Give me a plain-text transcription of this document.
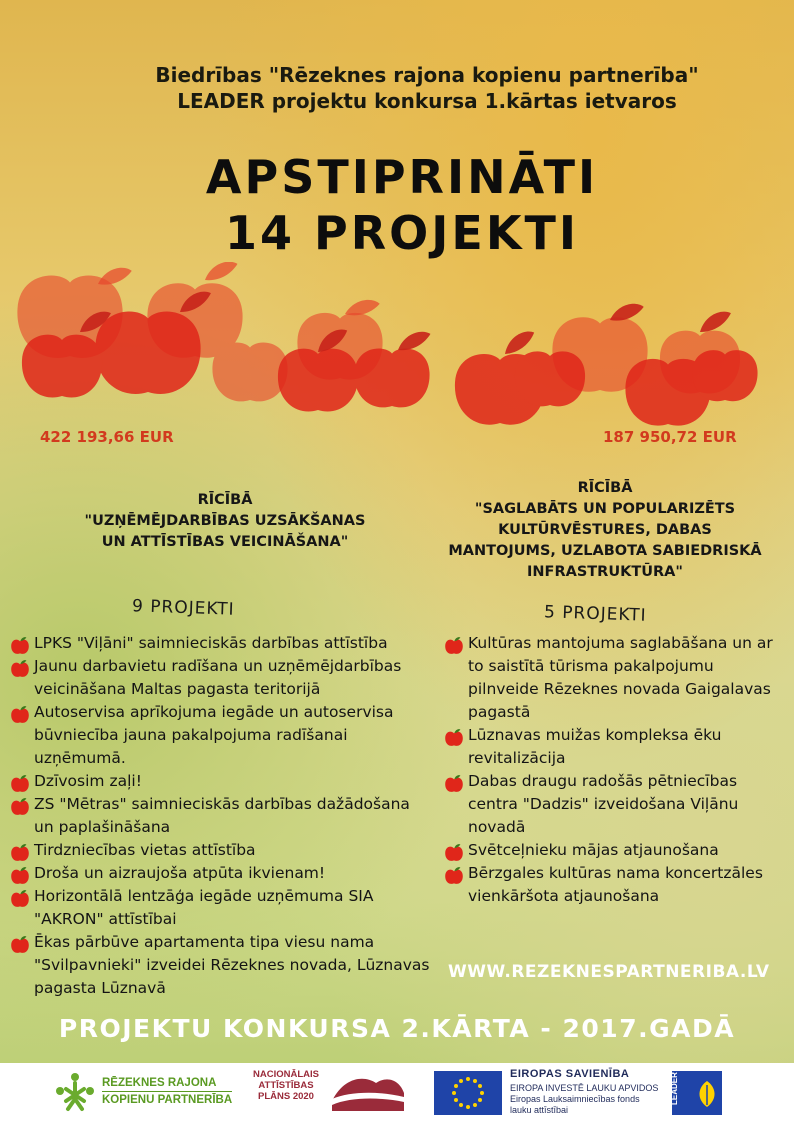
Biedrības "Rēzeknes rajona kopienu partnerība"
LEADER projektu konkursa 1.kārtas ietvaros
APSTIPRINĀTI
14 PROJEKTI
422 193,66 EUR	187 950,72 EUR
RĪCĪBĀ
"UZŅĒMĒJDARBĪBAS UZSĀKŠANAS
UN ATTĪSTĪBAS VEICINĀŠANA"
RĪCĪBĀ
"SAGLABĀTS UN POPULARIZĒTS
KULTŪRVĒSTURES, DABAS
MANTOJUMS, UZLABOTA SABIEDRISKĀ
INFRASTRUKTŪRA"
9 PROJEKTI	5 PROJEKTI
LPKS "Viļāni" saimnieciskās darbības attīstība
Jaunu darbavietu radīšana un uzņēmējdarbības veicināšana Maltas pagasta teritorijā
Autoservisa aprīkojuma iegāde un autoservisa būvniecība jauna pakalpojuma radīšanai uzņēmumā.
Dzīvosim zaļi!
ZS "Mētras" saimnieciskās darbības dažādošana un paplašināšana
Tirdzniecības vietas attīstība
Droša un aizraujoša atpūta ikvienam!
Horizontālā lentzāģa iegāde uzņēmuma SIA "AKRON" attīstībai
Ēkas pārbūve apartamenta tipa viesu nama "Svilpavnieki" izveidei Rēzeknes novada, Lūznavas pagasta Lūznavā
Kultūras mantojuma saglabāšana un ar to saistītā tūrisma pakalpojumu pilnveide Rēzeknes novada Gaigalavas pagastā
Lūznavas muižas kompleksa ēku revitalizācija
Dabas draugu radošās pētniecības centra "Dadzis" izveidošana Viļānu novadā
Svētceļnieku mājas atjaunošana
Bērzgales kultūras nama koncertzāles vienkāršota atjaunošana
WWW.REZEKNESPARTNERIBA.LV
PROJEKTU KONKURSA 2.KĀRTA - 2017.GADĀ
RĒZEKNES RAJONA
KOPIENU PARTNERĪBA
NACIONĀLAIS
ATTĪSTĪBAS
PLĀNS 2020
EIROPAS SAVIENĪBA
EIROPA INVESTĒ LAUKU APVIDOS
Eiropas Lauksaimniecības fonds
lauku attīstībai
LEADER
